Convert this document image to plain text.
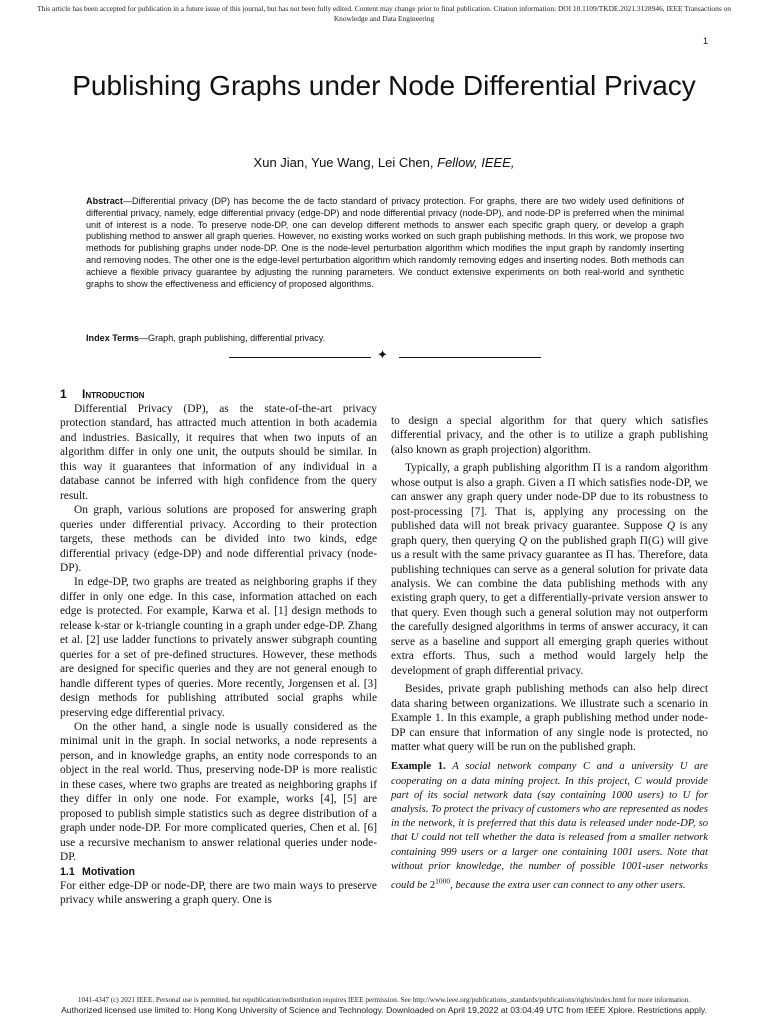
This article has been accepted for publication in a future issue of this journal, but has not been fully edited. Content may change prior to final publication. Citation information: DOI 10.1109/TKDE.2021.3128946, IEEE Transactions on Knowledge and Data Engineering
1
Publishing Graphs under Node Differential Privacy
Xun Jian, Yue Wang, Lei Chen, Fellow, IEEE,

Abstract—Differential privacy (DP) has become the de facto standard of privacy protection. For graphs, there are two widely used definitions of differential privacy, namely, edge differential privacy (edge-DP) and node differential privacy (node-DP), and node-DP is preferred when the minimal unit of interest is a node. To preserve node-DP, one can develop different methods to answer each specific graph query, or develop a graph publishing method to answer all graph queries. However, no existing works worked on such graph publishing methods. In this work, we propose two methods for publishing graphs under node-DP. One is the node-level perturbation algorithm which modifies the input graph by randomly inserting and removing nodes. The other one is the edge-level perturbation algorithm which randomly removing edges and inserting nodes. Both methods can achieve a flexible privacy guarantee by adjusting the running parameters. We conduct extensive experiments on both real-world and synthetic graphs to show the effectiveness and efficiency of proposed algorithms.

Index Terms—Graph, graph publishing, differential privacy.

✦
1 Introduction

Differential Privacy (DP), as the state-of-the-art privacy protection standard, has attracted much attention in both academia and industries. Basically, it requires that when two inputs of an algorithm differ in only one unit, the outputs should be similar. In this way it guarantees that information of any individual in a database cannot be inferred with high confidence from the query result.

On graph, various solutions are proposed for answering graph queries under differential privacy. According to their protection targets, these methods can be divided into two kinds, edge differential privacy (edge-DP) and node differential privacy (node-DP).

In edge-DP, two graphs are treated as neighboring graphs if they differ in only one edge. In this case, information attached on each edge is protected. For example, Karwa et al. [1] design methods to release k-star or k-triangle counting in a graph under edge-DP. Zhang et al. [2] use ladder functions to privately answer subgraph counting queries for a set of pre-defined structures. However, these methods are designed for specific queries and they are not general enough to handle different types of queries. More recently, Jorgensen et al. [3] design methods for publishing attributed social graphs while preserving edge differential privacy.

On the other hand, a single node is usually considered as the minimal unit in the graph. In social networks, a node represents a person, and in knowledge graphs, an entity node corresponds to an object in the real world. Thus, preserving node-DP is more realistic in these cases, where two graphs are treated as neighboring graphs if they differ in only one node. For example, works [4], [5] are proposed to publish simple statistics such as degree distribution of a graph under node-DP. For more complicated queries, Chen et al. [6] use a recursive mechanism to answer relational queries under node-DP.

1.1 Motivation

For either edge-DP or node-DP, there are two main ways to preserve privacy while answering a graph query. One is

to design a special algorithm for that query which satisfies differential privacy, and the other is to utilize a graph publishing (also known as graph projection) algorithm.

Typically, a graph publishing algorithm Π is a random algorithm whose output is also a graph. Given a Π which satisfies node-DP, we can answer any graph query under node-DP due to its robustness to post-processing [7]. That is, applying any processing on the published data will not break privacy guarantee. Suppose Q is any graph query, then querying Q on the published graph Π(G) will give us a result with the same privacy guarantee as Π has. Therefore, data publishing techniques can serve as a general solution for private data analysis. We can combine the data publishing methods with any existing graph query, to get a differentially-private version answer to that query. Even though such a general solution may not outperform the carefully designed algorithms in terms of answer accuracy, it can serve as a baseline and support all emerging graph queries without extra efforts. Thus, such a method would largely help the development of graph differential privacy.

Besides, private graph publishing methods can also help direct data sharing between organizations. We illustrate such a scenario in Example 1. In this example, a graph publishing method under node-DP can ensure that information of any single node is protected, no matter what query will be run on the published graph.

Example 1. A social network company C and a university U are cooperating on a data mining project. In this project, C would provide part of its social network data (say containing 1000 users) to U for analysis. To protect the privacy of customers who are represented as nodes in the network, it is preferred that this data is released under node-DP, so that U could not tell whether the data is released from a smaller network containing 999 users or a larger one containing 1001 users. Note that without prior knowledge, the number of possible 1001-user networks could be $2^{1000}$, because the extra user can connect to any other users.

1041-4347 (c) 2021 IEEE. Personal use is permitted, but republication/redistribution requires IEEE permission. See http://www.ieee.org/publications_standards/publications/rights/index.html for more information.
Authorized licensed use limited to: Hong Kong University of Science and Technology. Downloaded on April 19,2022 at 03:04:49 UTC from IEEE Xplore. Restrictions apply.
